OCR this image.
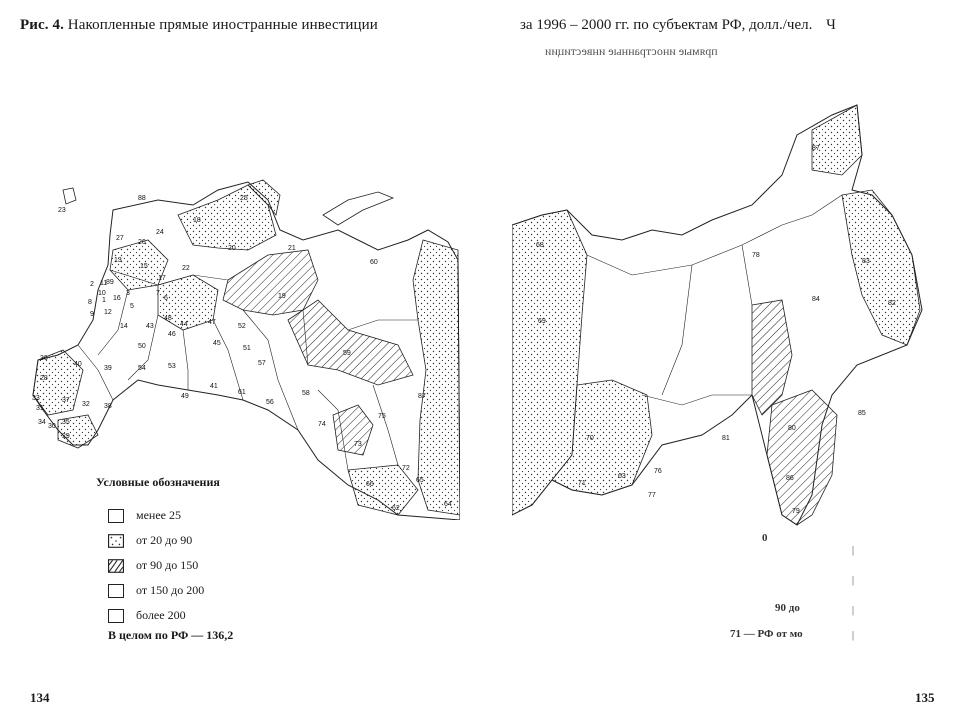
Рис. 4. Накопленные прямые иностранные инвестиции	за 1996 – 2000 гг. по субъектам РФ, долл./чел. Ч
прямые иностранные инвестиции
88
23
25
18
27
26
24
20	21
60
13
15	22
2 11
89
10
16
3	7
8 1
12
5
17
6	19
9
14	43
48
44	47
52
50
46
45
51
36
40
39	54	53	57
59
58
49
41
61
56
87
28
33	37
32
31
34
38
35
30
29
74
75
73
72
66
65
62
64
87
68
78
83
69
84
82
81
70
80
85
63
76
71
77
86
79
Условные обозначения
менее 25
от 20 до 90
от 90 до 150
от 150 до 200
более 200
В целом по РФ — 136,2
0
90 до
71 — РФ от мо
|
|
|
|
134	135
